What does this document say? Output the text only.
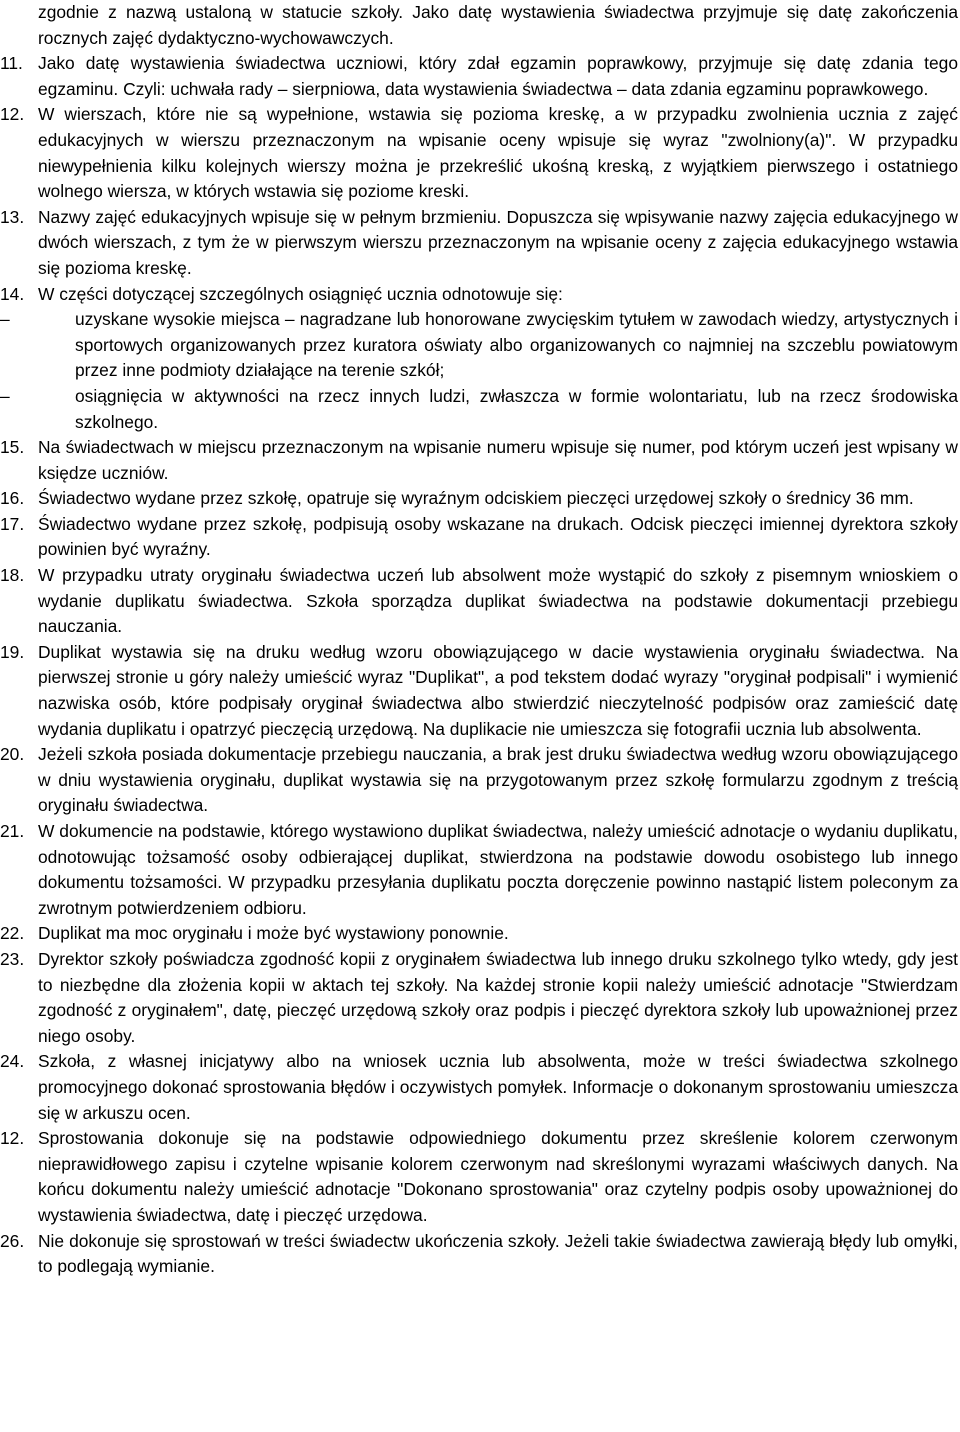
zgodnie z nazwą ustaloną w statucie szkoły. Jako datę wystawienia świadectwa przyjmuje się datę zakończenia rocznych zajęć dydaktyczno-wychowawczych.
11. Jako datę wystawienia świadectwa uczniowi, który zdał egzamin poprawkowy, przyjmuje się datę zdania tego egzaminu. Czyli: uchwała rady – sierpniowa, data wystawienia świadectwa – data zdania egzaminu poprawkowego.
12. W wierszach, które nie są wypełnione, wstawia się pozioma kreskę, a w przypadku zwolnienia ucznia z zajęć edukacyjnych w wierszu przeznaczonym na wpisanie oceny wpisuje się wyraz "zwolniony(a)". W przypadku niewypełnienia kilku kolejnych wierszy można je przekreślić ukośną kreską, z wyjątkiem pierwszego i ostatniego wolnego wiersza, w których wstawia się poziome kreski.
13. Nazwy zajęć edukacyjnych wpisuje się w pełnym brzmieniu. Dopuszcza się wpisywanie nazwy zajęcia edukacyjnego w dwóch wierszach, z tym że w pierwszym wierszu przeznaczonym na wpisanie oceny z zajęcia edukacyjnego wstawia się pozioma kreskę.
14. W części dotyczącej szczególnych osiągnięć ucznia odnotowuje się:
–	uzyskane wysokie miejsca – nagradzane lub honorowane zwycięskim tytułem w zawodach wiedzy, artystycznych i sportowych organizowanych przez kuratora oświaty albo organizowanych co najmniej na szczeblu powiatowym przez inne podmioty działające na terenie szkół;
–	osiągnięcia w aktywności na rzecz innych ludzi, zwłaszcza w formie wolontariatu, lub na rzecz środowiska szkolnego.
15. Na świadectwach w miejscu przeznaczonym na wpisanie numeru wpisuje się numer, pod którym uczeń jest wpisany w księdze uczniów.
16. Świadectwo wydane przez szkołę, opatruje się wyraźnym odciskiem pieczęci urzędowej szkoły o średnicy 36 mm.
17. Świadectwo wydane przez szkołę, podpisują osoby wskazane na drukach. Odcisk pieczęci imiennej dyrektora szkoły powinien być wyraźny.
18. W przypadku utraty oryginału świadectwa uczeń lub absolwent może wystąpić do szkoły z pisemnym wnioskiem o wydanie duplikatu świadectwa. Szkoła sporządza duplikat świadectwa na podstawie dokumentacji przebiegu nauczania.
19. Duplikat wystawia się na druku według wzoru obowiązującego w dacie wystawienia oryginału świadectwa. Na pierwszej stronie u góry należy umieścić wyraz "Duplikat", a pod tekstem dodać wyrazy "oryginał podpisali" i wymienić nazwiska osób, które podpisały oryginał świadectwa albo stwierdzić nieczytelność podpisów oraz zamieścić datę wydania duplikatu i opatrzyć pieczęcią urzędową. Na duplikacie nie umieszcza się fotografii ucznia lub absolwenta.
20. Jeżeli szkoła posiada dokumentacje przebiegu nauczania, a brak jest druku świadectwa według wzoru obowiązującego w dniu wystawienia oryginału, duplikat wystawia się na przygotowanym przez szkołę formularzu zgodnym z treścią oryginału świadectwa.
21. W dokumencie na podstawie, którego wystawiono duplikat świadectwa, należy umieścić adnotacje o wydaniu duplikatu, odnotowując tożsamość osoby odbierającej duplikat, stwierdzona na podstawie dowodu osobistego lub innego dokumentu tożsamości. W przypadku przesyłania duplikatu poczta doręczenie powinno nastąpić listem poleconym za zwrotnym potwierdzeniem odbioru.
22. Duplikat ma moc oryginału i może być wystawiony ponownie.
23. Dyrektor szkoły poświadcza zgodność kopii z oryginałem świadectwa lub innego druku szkolnego tylko wtedy, gdy jest to niezbędne dla złożenia kopii w aktach tej szkoły. Na każdej stronie kopii należy umieścić adnotacje "Stwierdzam zgodność z oryginałem", datę, pieczęć urzędową szkoły oraz podpis i pieczęć dyrektora szkoły lub upoważnionej przez niego osoby.
24. Szkoła, z własnej inicjatywy albo na wniosek ucznia lub absolwenta, może w treści świadectwa szkolnego promocyjnego dokonać sprostowania błędów i oczywistych pomyłek. Informacje o dokonanym sprostowaniu umieszcza się w arkuszu ocen.
12. Sprostowania dokonuje się na podstawie odpowiedniego dokumentu przez skreślenie kolorem czerwonym nieprawidłowego zapisu i czytelne wpisanie kolorem czerwonym nad skreślonymi wyrazami właściwych danych. Na końcu dokumentu należy umieścić adnotacje "Dokonano sprostowania" oraz czytelny podpis osoby upoważnionej do wystawienia świadectwa, datę i pieczęć urzędowa.
26. Nie dokonuje się sprostowań w treści świadectw ukończenia szkoły. Jeżeli takie świadectwa zawierają błędy lub omyłki, to podlegają wymianie.
